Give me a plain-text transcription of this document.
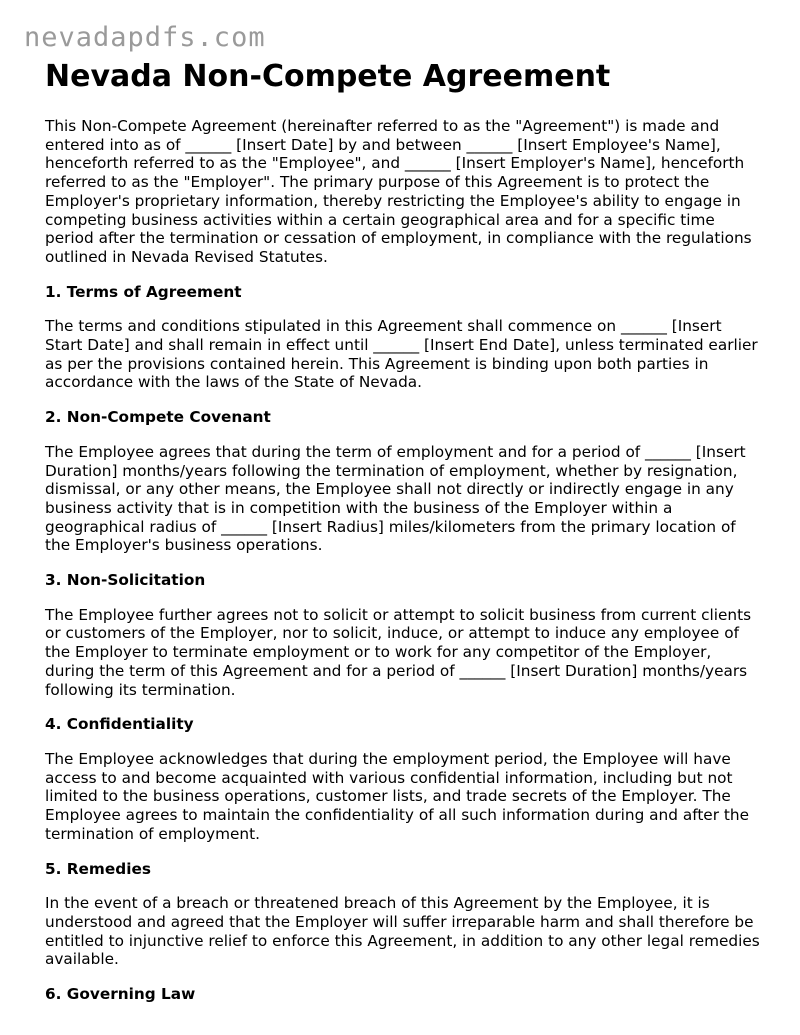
nevadapdfs.com
Nevada Non-Compete Agreement

This Non-Compete Agreement (hereinafter referred to as the "Agreement") is made and entered into as of ______ [Insert Date] by and between ______ [Insert Employee's Name], henceforth referred to as the "Employee", and ______ [Insert Employer's Name], henceforth referred to as the "Employer". The primary purpose of this Agreement is to protect the Employer's proprietary information, thereby restricting the Employee's ability to engage in competing business activities within a certain geographical area and for a specific time period after the termination or cessation of employment, in compliance with the regulations outlined in Nevada Revised Statutes.

1. Terms of Agreement

The terms and conditions stipulated in this Agreement shall commence on ______ [Insert Start Date] and shall remain in effect until ______ [Insert End Date], unless terminated earlier as per the provisions contained herein. This Agreement is binding upon both parties in accordance with the laws of the State of Nevada.

2. Non-Compete Covenant

The Employee agrees that during the term of employment and for a period of ______ [Insert Duration] months/years following the termination of employment, whether by resignation, dismissal, or any other means, the Employee shall not directly or indirectly engage in any business activity that is in competition with the business of the Employer within a geographical radius of ______ [Insert Radius] miles/kilometers from the primary location of the Employer's business operations.

3. Non-Solicitation

The Employee further agrees not to solicit or attempt to solicit business from current clients or customers of the Employer, nor to solicit, induce, or attempt to induce any employee of the Employer to terminate employment or to work for any competitor of the Employer, during the term of this Agreement and for a period of ______ [Insert Duration] months/years following its termination.

4. Confidentiality

The Employee acknowledges that during the employment period, the Employee will have access to and become acquainted with various confidential information, including but not limited to the business operations, customer lists, and trade secrets of the Employer. The Employee agrees to maintain the confidentiality of all such information during and after the termination of employment.

5. Remedies

In the event of a breach or threatened breach of this Agreement by the Employee, it is understood and agreed that the Employer will suffer irreparable harm and shall therefore be entitled to injunctive relief to enforce this Agreement, in addition to any other legal remedies available.

6. Governing Law
